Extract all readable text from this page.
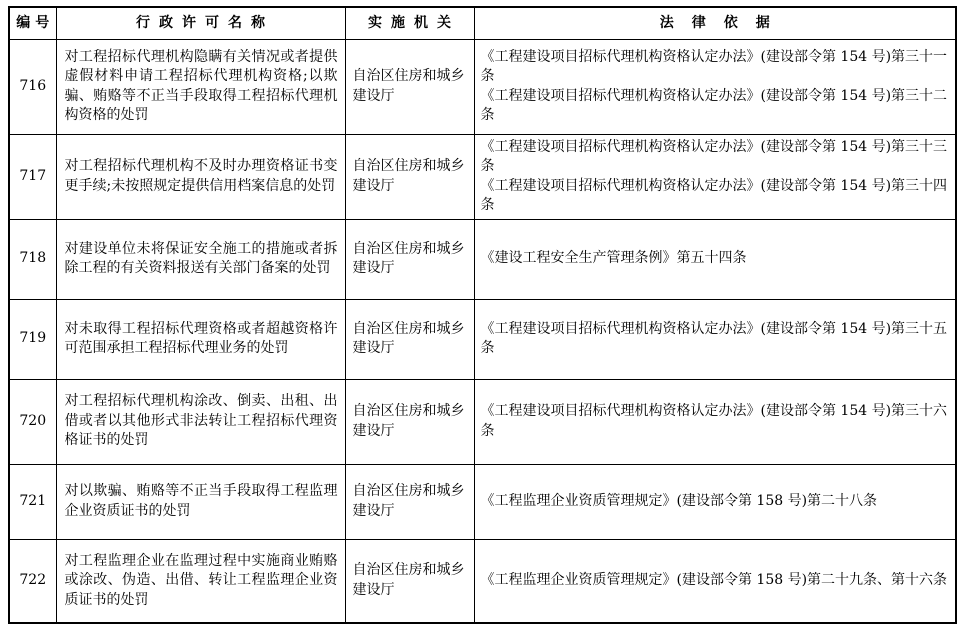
编号	行政许可名称	实施机关	法律依据
716	对工程招标代理机构隐瞒有关情况或者提供虚假材料申请工程招标代理机构资格;以欺骗、贿赂等不正当手段取得工程招标代理机构资格的处罚	自治区住房和城乡建设厅	《工程建设项目招标代理机构资格认定办法》(建设部令第 154 号)第三十一条
《工程建设项目招标代理机构资格认定办法》(建设部令第 154 号)第三十二条

717	对工程招标代理机构不及时办理资格证书变更手续;未按照规定提供信用档案信息的处罚	自治区住房和城乡建设厅	《工程建设项目招标代理机构资格认定办法》(建设部令第 154 号)第三十三条
《工程建设项目招标代理机构资格认定办法》(建设部令第 154 号)第三十四条

718	对建设单位未将保证安全施工的措施或者拆除工程的有关资料报送有关部门备案的处罚	自治区住房和城乡建设厅	《建设工程安全生产管理条例》第五十四条

719	对未取得工程招标代理资格或者超越资格许可范围承担工程招标代理业务的处罚	自治区住房和城乡建设厅	《工程建设项目招标代理机构资格认定办法》(建设部令第 154 号)第三十五条

720	对工程招标代理机构涂改、倒卖、出租、出借或者以其他形式非法转让工程招标代理资格证书的处罚	自治区住房和城乡建设厅	《工程建设项目招标代理机构资格认定办法》(建设部令第 154 号)第三十六条

721	对以欺骗、贿赂等不正当手段取得工程监理企业资质证书的处罚	自治区住房和城乡建设厅	《工程监理企业资质管理规定》(建设部令第 158 号)第二十八条

722	对工程监理企业在监理过程中实施商业贿赂或涂改、伪造、出借、转让工程监理企业资质证书的处罚	自治区住房和城乡建设厅	《工程监理企业资质管理规定》(建设部令第 158 号)第二十九条、第十六条
